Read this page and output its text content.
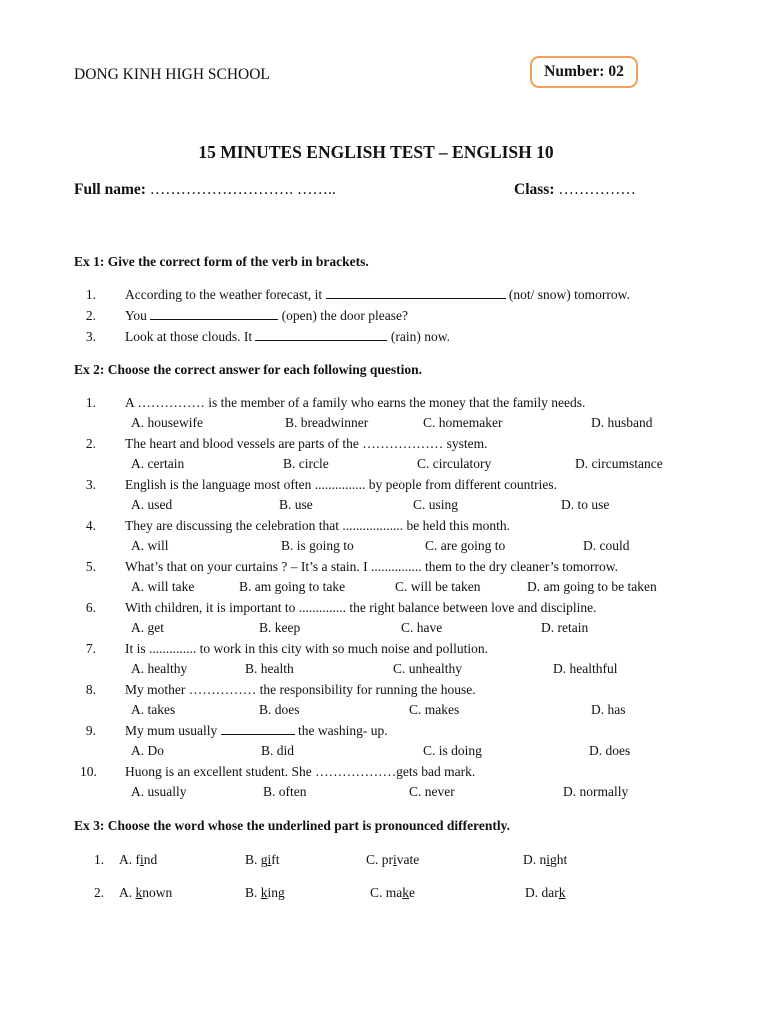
DONG KINH HIGH SCHOOL	Number: 02
15 MINUTES ENGLISH TEST – ENGLISH 10
Full name: ………………………. ……..	Class: ……………
Ex 1: Give the correct form of the verb in brackets.
1. According to the weather forecast, it	(not/ snow) tomorrow.
2. You	(open) the door please?
3. Look at those clouds. It	(rain) now.
Ex 2: Choose the correct answer for each following question.
1. A …………… is the member of a family who earns the money that the family needs.
A. housewife	B. breadwinner	C. homemaker	D. husband
2. The heart and blood vessels are parts of the ……………… system.
A. certain	B. circle	C. circulatory	D. circumstance
3. English is the language most often ............... by people from different countries.
A. used	B. use	C. using	D. to use
4. They are discussing the celebration that .................. be held this month.
A. will	B. is going to	C. are going to	D. could
5. What’s that on your curtains ? – It’s a stain. I ............... them to the dry cleaner’s tomorrow.
A. will take	B. am going to take	C. will be taken	D. am going to be taken
6. With children, it is important to .............. the right balance between love and discipline.
A. get	B. keep	C. have	D. retain
7. It is .............. to work in this city with so much noise and pollution.
A. healthy	B. health	C. unhealthy	D. healthful
8. My mother …………… the responsibility for running the house.
A. takes	B. does	C. makes	D. has
9. My mum usually	the washing- up.
A. Do	B. did	C. is doing	D. does
10. Huong is an excellent student. She ………………gets bad mark.
A. usually	B. often	C. never	D. normally
Ex 3: Choose the word whose the underlined part is pronounced differently.
1. A. find	B. gift	C. private	D. night
2. A. known	B. king	C. make	D. dark
